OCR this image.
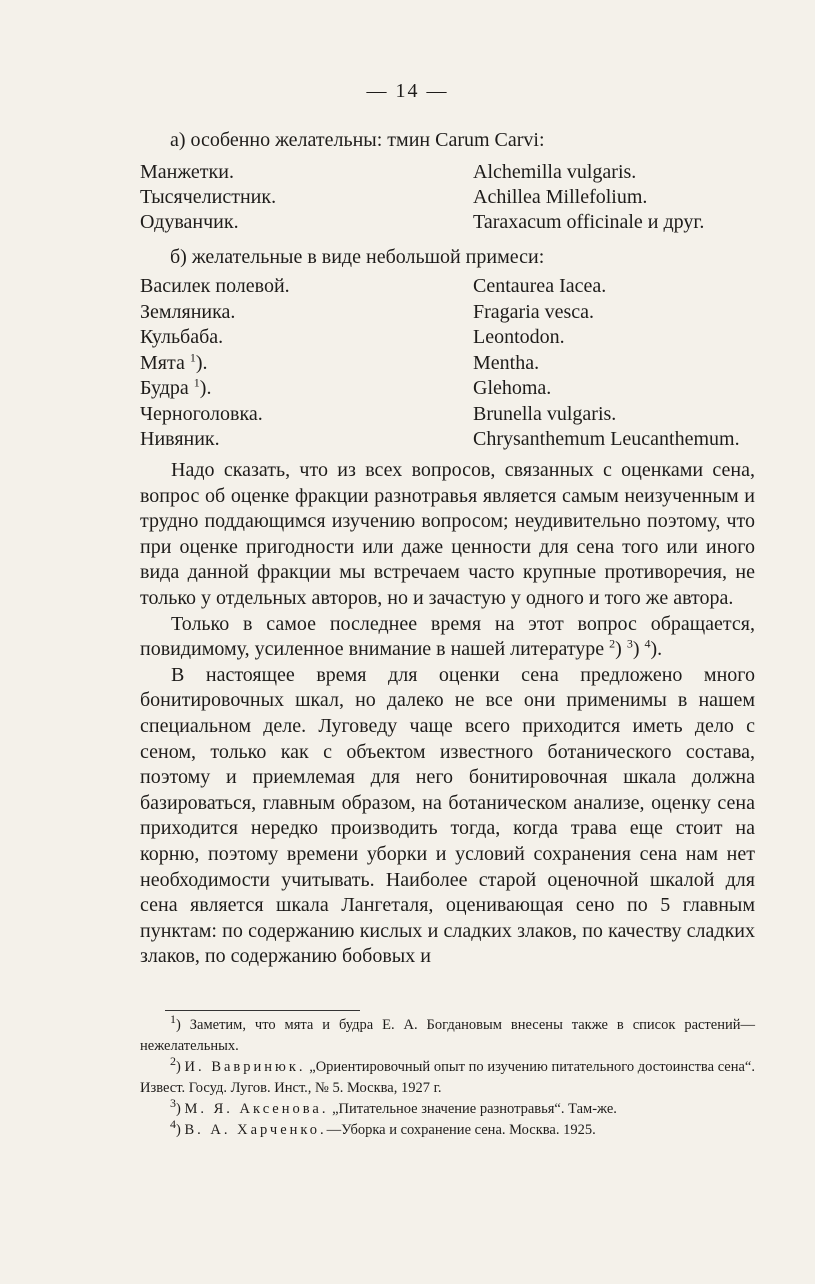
— 14 —
а) особенно желательны: тмин Carum Carvi:
Манжетки.	Alchemilla vulgaris.
Тысячелистник.	Achillea Millefolium.
Одуванчик.	Taraxacum officinale и друг.
б) желательные в виде небольшой примеси:
Василек полевой.	Centaurea Iacea.
Земляника.	Fragaria vesca.
Кульбаба.	Leontodon.
Мята $^1$).	Mentha.
Будра $^1$).	Glehoma.
Черноголовка.	Brunella vulgaris.
Нивяник.	Chrysanthemum Leucanthemum.

Надо сказать, что из всех вопросов, связанных с оценками сена, вопрос об оценке фракции разнотравья является самым неизученным и трудно поддающимся изучению вопросом; неудивительно поэтому, что при оценке пригодности или даже ценности для сена того или иного вида данной фракции мы встречаем часто крупные противоречия, не только у отдельных авторов, но и зачастую у одного и того же автора.

Только в самое последнее время на этот вопрос обращается, повидимому, усиленное внимание в нашей литературе $^2$) $^3$) $^4$).

В настоящее время для оценки сена предложено много бонитировочных шкал, но далеко не все они применимы в нашем специальном деле. Луговеду чаще всего приходится иметь дело с сеном, только как с объектом известного ботанического состава, поэтому и приемлемая для него бонитировочная шкала должна базироваться, главным образом, на ботаническом анализе, оценку сена приходится нередко производить тогда, когда трава еще стоит на корню, поэтому времени уборки и условий сохранения сена нам нет необходимости учитывать. Наиболее старой оценочной шкалой для сена является шкала Лангеталя, оценивающая сено по 5 главным пунктам: по содержанию кислых и сладких злаков, по качеству сладких злаков, по содержанию бобовых и

$^1$) Заметим, что мята и будра Е. А. Богдановым внесены также в список растений—нежелательных.

$^2$) И. Вавринюк. „Ориентировочный опыт по изучению питательного достоинства сена“. Извест. Госуд. Лугов. Инст., № 5. Москва, 1927 г.

$^3$) М. Я. Аксенова. „Питательное значение разнотравья“. Там-же.

$^4$) В. А. Харченко.—Уборка и сохранение сена. Москва. 1925.
